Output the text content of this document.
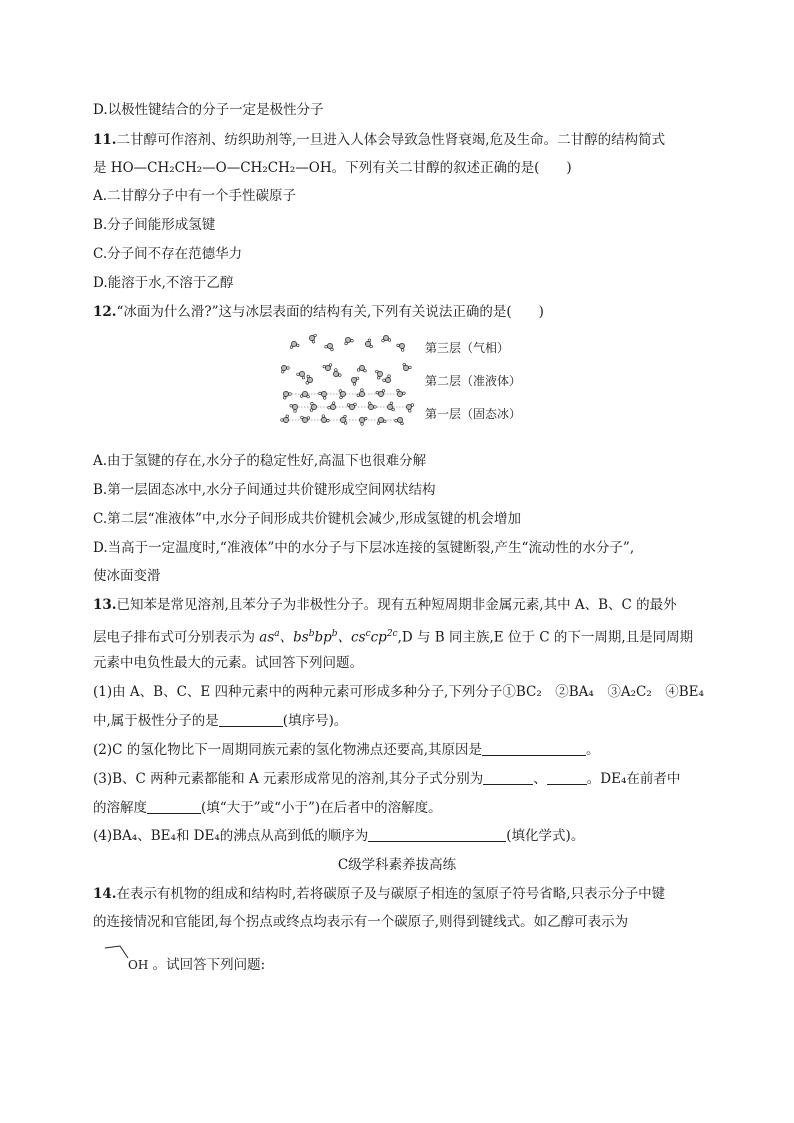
D.以极性键结合的分子一定是极性分子
11.二甘醇可作溶剂、纺织助剂等,一旦进入人体会导致急性肾衰竭,危及生命。二甘醇的结构简式
是 HO—CH₂CH₂—O—CH₂CH₂—OH。下列有关二甘醇的叙述正确的是(　　)
A.二甘醇分子中有一个手性碳原子
B.分子间能形成氢键
C.分子间不存在范德华力
D.能溶于水,不溶于乙醇
12.“冰面为什么滑?”这与冰层表面的结构有关,下列有关说法正确的是(　　)
第三层（气相）
第二层（准液体）
第一层（固态冰）
A.由于氢键的存在,水分子的稳定性好,高温下也很难分解
B.第一层固态冰中,水分子间通过共价键形成空间网状结构
C.第二层“准液体”中,水分子间形成共价键机会减少,形成氢键的机会增加
D.当高于一定温度时,“准液体”中的水分子与下层冰连接的氢键断裂,产生“流动性的水分子”,
使冰面变滑
13.已知苯是常见溶剂,且苯分子为非极性分子。现有五种短周期非金属元素,其中 A、B、C 的最外
层电子排布式可分别表示为 $as^a$、$bs^bbp^b$、$cs^ccp^{2c},D$ 与 B 同主族,E 位于 C 的下一周期,且是同周期
元素中电负性最大的元素。试回答下列问题。
(1)由 A、B、C、E 四种元素中的两种元素可形成多种分子,下列分子①BC₂　②BA₄　③A₂C₂　④BE₄
中,属于极性分子的是	(填序号)。
(2)C 的氢化物比下一周期同族元素的氢化物沸点还要高,其原因是	。
(3)B、C 两种元素都能和 A 元素形成常见的溶剂,其分子式分别为	、	。DE₄在前者中
的溶解度	(填“大于”或“小于”)在后者中的溶解度。
(4)BA₄、BE₄和 DE₄的沸点从高到低的顺序为	(填化学式)。
C级学科素养拔高练
14.在表示有机物的组成和结构时,若将碳原子及与碳原子相连的氢原子符号省略,只表示分子中键
的连接情况和官能团,每个拐点或终点均表示有一个碳原子,则得到键线式。如乙醇可表示为
OH 。试回答下列问题:
